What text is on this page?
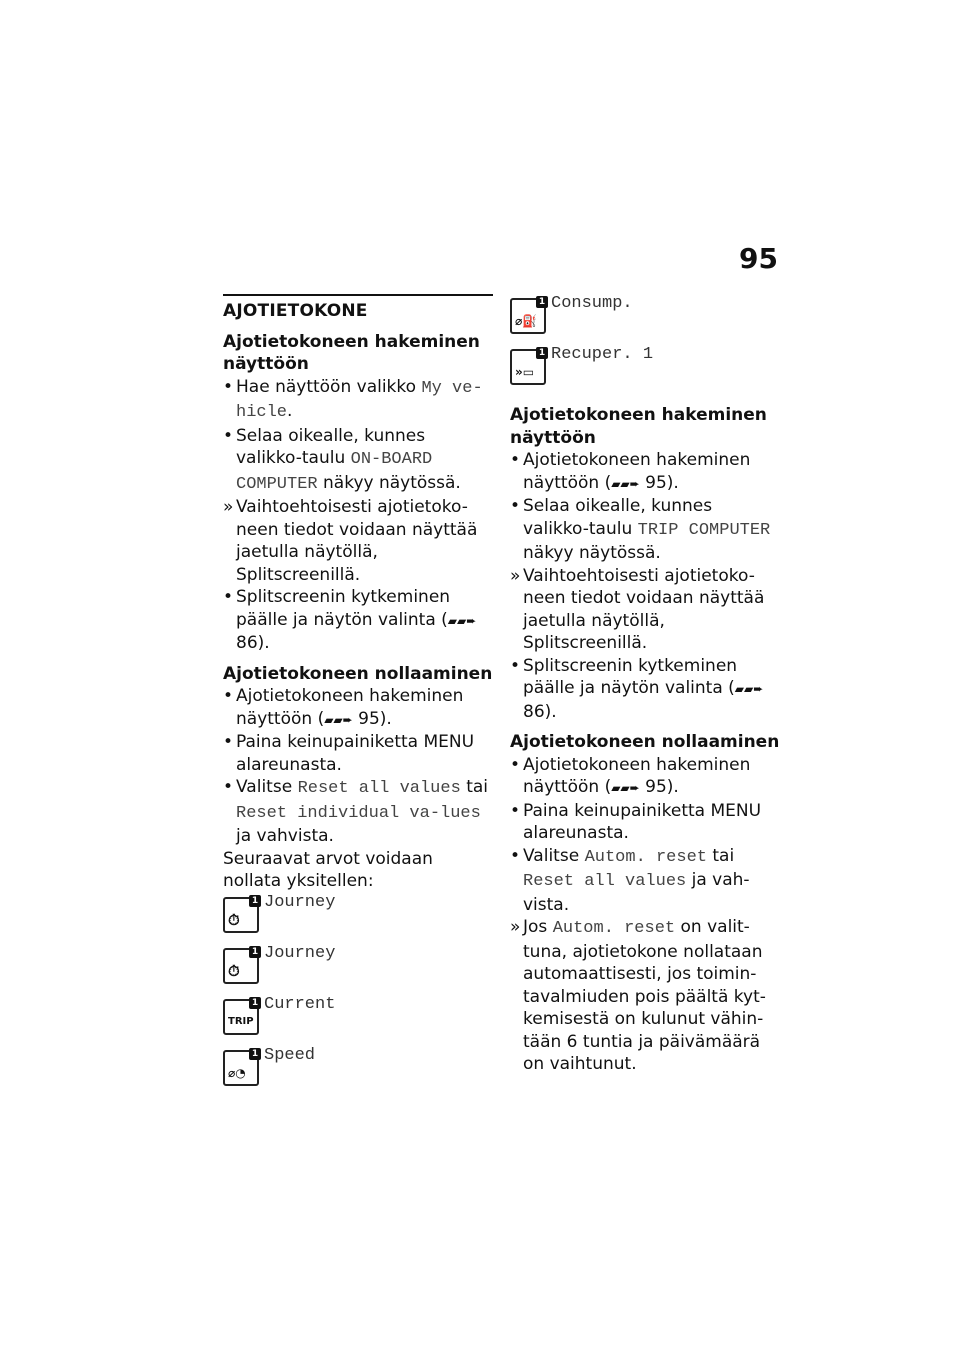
95
AJOTIETOKONE
Ajotietokoneen hakeminen näyttöön
• Hae näyttöön valikko My ve-hicle.
• Selaa oikealle, kunnes valikko-taulu ON-BOARD COMPUTER näkyy näytössä.
» Vaihtoehtoisesti ajotietoko-neen tiedot voidaan näyttää jaetulla näytöllä, Splitscreenillä.
• Splitscreenin kytkeminen päälle ja näytön valinta (▰▰➨ 86).
Ajotietokoneen nollaaminen
• Ajotietokoneen hakeminen näyttöön (▰▰➨ 95).
• Paina keinupainiketta MENU alareunasta.
• Valitse Reset all values tai Reset individual va-lues ja vahvista.

Seuraavat arvot voidaan nollata yksitellen:

⏱
1 Journey
⏱
1 Journey
TRIP
1 Current
⌀◔
1 Speed
⌀⛽
1 Consump.
»▭
1 Recuper. 1
Ajotietokoneen hakeminen näyttöön
• Ajotietokoneen hakeminen näyttöön (▰▰➨ 95).
• Selaa oikealle, kunnes valikko-taulu TRIP COMPUTER näkyy näytössä.
» Vaihtoehtoisesti ajotietoko-neen tiedot voidaan näyttää jaetulla näytöllä, Splitscreenillä.
• Splitscreenin kytkeminen päälle ja näytön valinta (▰▰➨ 86).
Ajotietokoneen nollaaminen
• Ajotietokoneen hakeminen näyttöön (▰▰➨ 95).
• Paina keinupainiketta MENU alareunasta.
• Valitse Autom. reset tai Reset all values ja vah-vista.
» Jos Autom. reset on valit-tuna, ajotietokone nollataan automaattisesti, jos toimin-tavalmiuden pois päältä kyt-kemisestä on kulunut vähin-tään 6 tuntia ja päivämäärä on vaihtunut.
